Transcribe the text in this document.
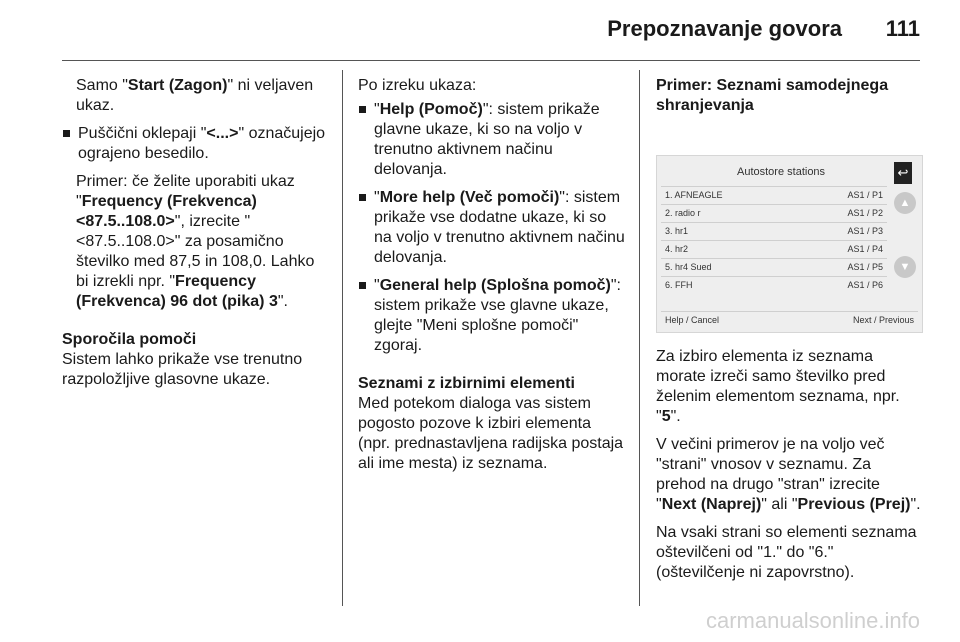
Prepoznavanje govora 111

Samo "Start (Zagon)" ni veljaven ukaz.

Puščični oklepaji "<...>" označujejo ograjeno besedilo.

Primer: če želite uporabiti ukaz "Frequency (Frekvenca) <87.5..108.0>", izrecite "<87.5..108.0>" za posamično številko med 87,5 in 108,0. Lahko bi izrekli npr. "Frequency (Frekvenca) 96 dot (pika) 3".

Sporočila pomoči

Sistem lahko prikaže vse trenutno razpoložljive glasovne ukaze.

Po izreku ukaza:

"Help (Pomoč)": sistem prikaže glavne ukaze, ki so na voljo v trenutno aktivnem načinu delovanja.
"More help (Več pomoči)": sistem prikaže vse dodatne ukaze, ki so na voljo v trenutno aktivnem načinu delovanja.
"General help (Splošna pomoč)": sistem prikaže vse glavne ukaze, glejte "Meni splošne pomoči" zgoraj.

Seznami z izbirnimi elementi

Med potekom dialoga vas sistem pogosto pozove k izbiri elementa (npr. prednastavljena radijska postaja ali ime mesta) iz seznama.

Primer: Seznami samodejnega shranjevanja

Autostore stations	↩
1. AFNEAGLE	AS1 / P1
2. radio r	AS1 / P2
3. hr1	AS1 / P3
4. hr2	AS1 / P4
5. hr4 Sued	AS1 / P5
6. FFH	AS1 / P6
▲
▼
Help / Cancel	Next / Previous

Za izbiro elementa iz seznama morate izreči samo številko pred želenim elementom seznama, npr. "5".

V večini primerov je na voljo več "strani" vnosov v seznamu. Za prehod na drugo "stran" izrecite "Next (Naprej)" ali "Previous (Prej)".

Na vsaki strani so elementi seznama oštevilčeni od "1." do "6." (oštevilčenje ni zapovrstno).

carmanualsonline.info
